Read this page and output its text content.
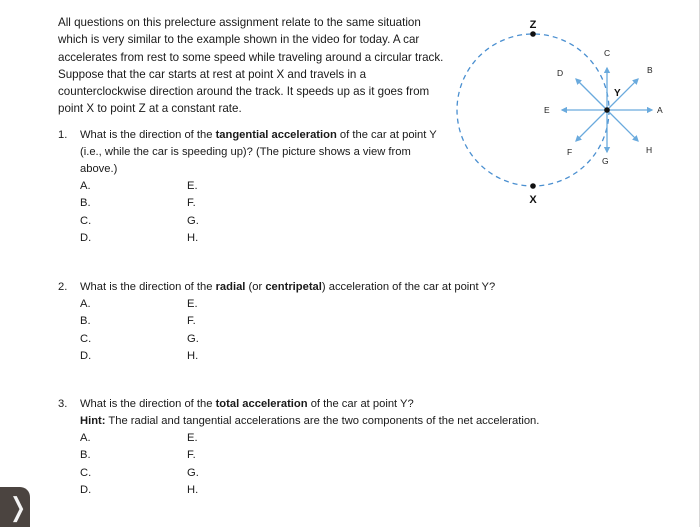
All questions on this prelecture assignment relate to the same situation which is very similar to the example shown in the video for today. A car accelerates from rest to some speed while traveling around a circular track. Suppose that the car starts at rest at point X and travels in a counterclockwise direction around the track. It speeds up as it goes from point X to point Z at a constant rate.

1. What is the direction of the tangential acceleration of the car at point Y (i.e., while the car is speeding up)? (The picture shows a view from above.)
A.	E.
B.	F.
C.	G.
D.	H.
2. What is the direction of the radial (or centripetal) acceleration of the car at point Y?
A.	E.
B.	F.
C.	G.
D.	H.
3. What is the direction of the total acceleration of the car at point Y?
Hint: The radial and tangential accelerations are the two components of the net acceleration.
A.	E.
B.	F.
C.	G.
D.	H.
Z
X
Y
C
B
A
H
G
F
E
D
❭
